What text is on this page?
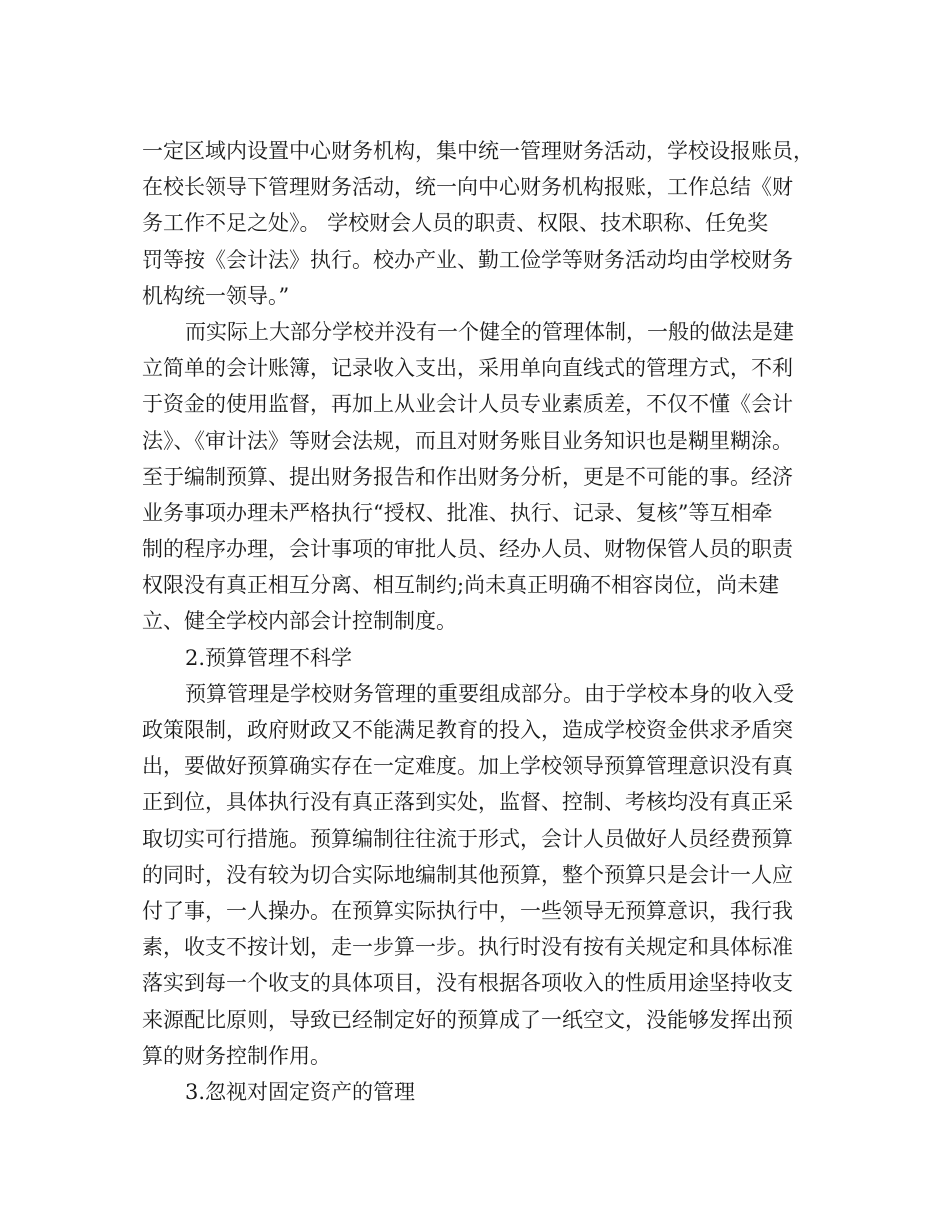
一定区域内设置中心财务机构，集中统一管理财务活动，学校设报账员，
在校长领导下管理财务活动，统一向中心财务机构报账，工作总结《财
务工作不足之处》。 学校财会人员的职责、权限、技术职称、任免奖
罚等按《会计法》执行。校办产业、勤工俭学等财务活动均由学校财务
机构统一领导。”
而实际上大部分学校并没有一个健全的管理体制，一般的做法是建
立简单的会计账簿，记录收入支出，采用单向直线式的管理方式，不利
于资金的使用监督，再加上从业会计人员专业素质差，不仅不懂《会计
法》、《审计法》等财会法规，而且对财务账目业务知识也是糊里糊涂。
至于编制预算、提出财务报告和作出财务分析，更是不可能的事。经济
业务事项办理未严格执行“授权、批准、执行、记录、复核”等互相牵
制的程序办理，会计事项的审批人员、经办人员、财物保管人员的职责
权限没有真正相互分离、相互制约;尚未真正明确不相容岗位，尚未建
立、健全学校内部会计控制制度。
2.预算管理不科学
预算管理是学校财务管理的重要组成部分。由于学校本身的收入受
政策限制，政府财政又不能满足教育的投入，造成学校资金供求矛盾突
出，要做好预算确实存在一定难度。加上学校领导预算管理意识没有真
正到位，具体执行没有真正落到实处，监督、控制、考核均没有真正采
取切实可行措施。预算编制往往流于形式，会计人员做好人员经费预算
的同时，没有较为切合实际地编制其他预算，整个预算只是会计一人应
付了事，一人操办。在预算实际执行中，一些领导无预算意识，我行我
素，收支不按计划，走一步算一步。执行时没有按有关规定和具体标准
落实到每一个收支的具体项目，没有根据各项收入的性质用途坚持收支
来源配比原则，导致已经制定好的预算成了一纸空文，没能够发挥出预
算的财务控制作用。
3.忽视对固定资产的管理
